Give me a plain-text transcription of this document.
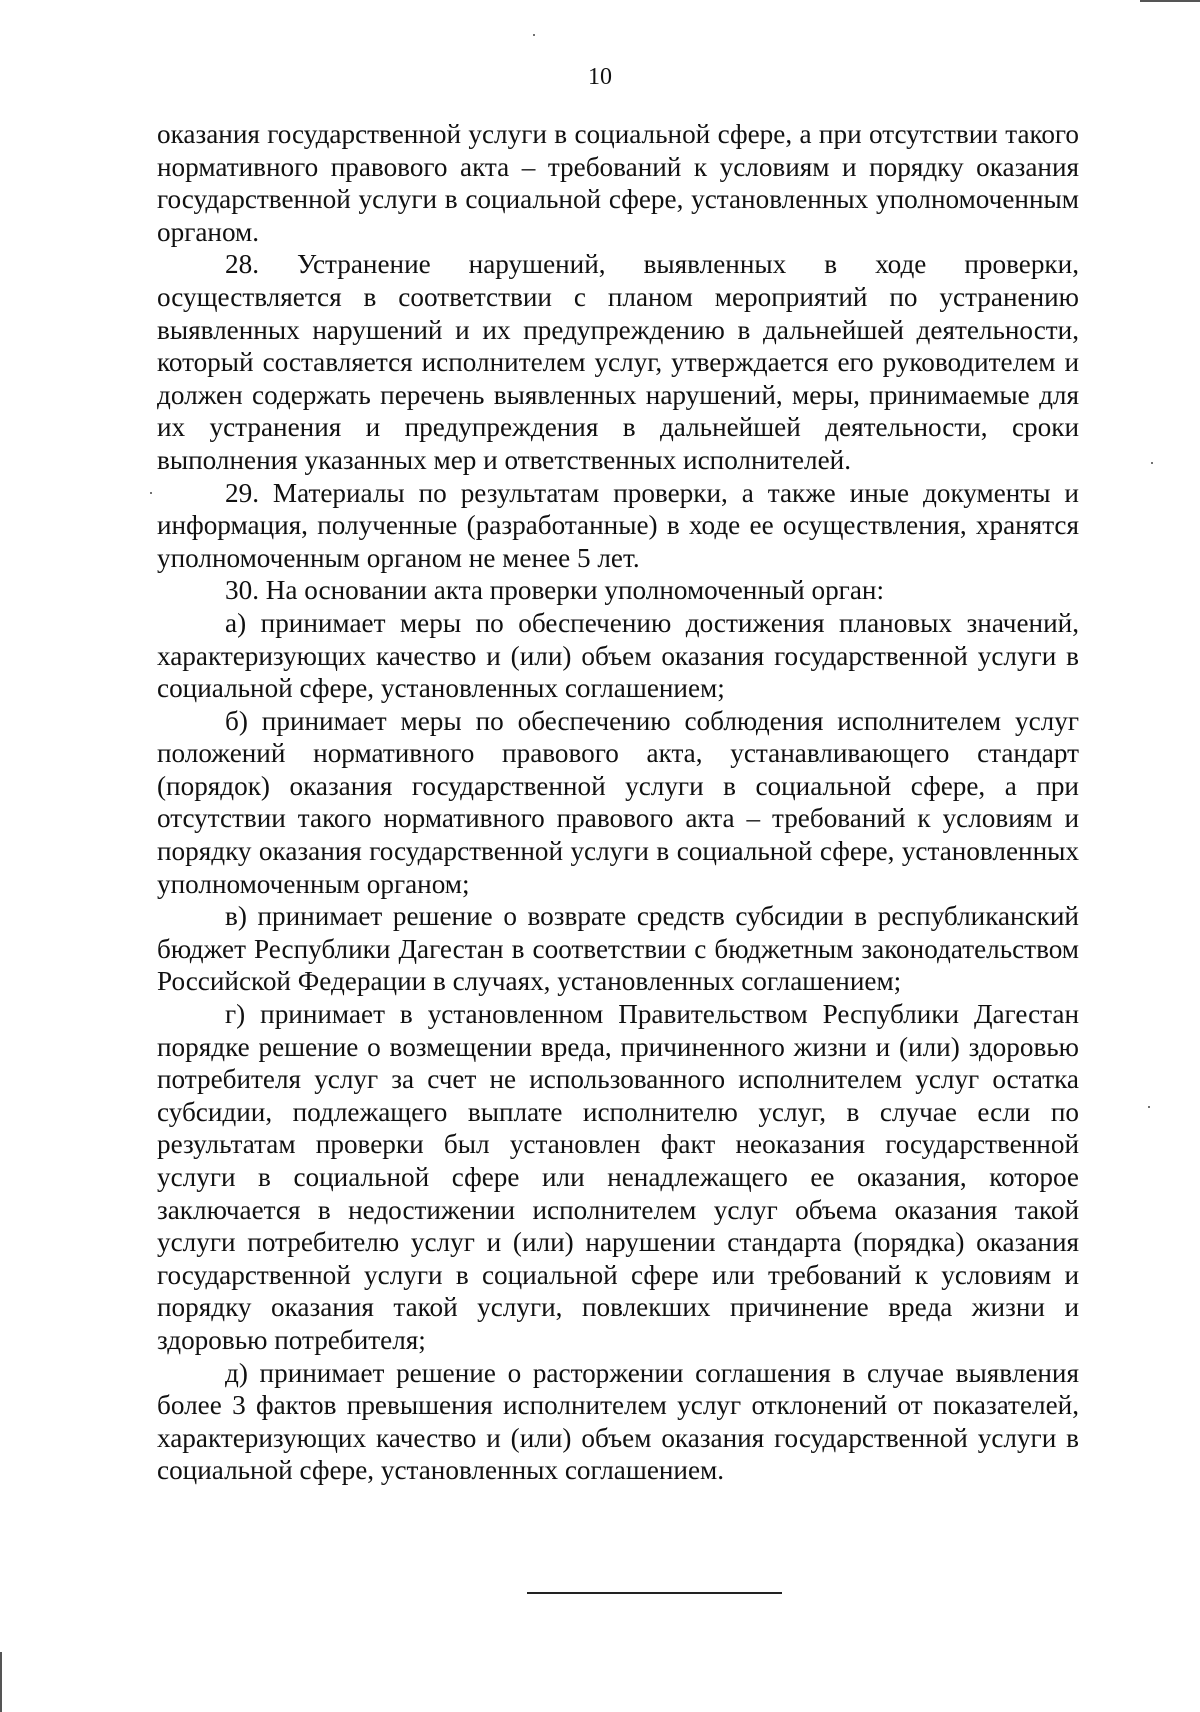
10

оказания государственной услуги в социальной сфере, а при отсутствии такого нормативного правового акта – требований к условиям и порядку оказания государственной услуги в социальной сфере, установленных уполномоченным органом.

28. Устранение нарушений, выявленных в ходе проверки, осуществляется в соответствии с планом мероприятий по устранению выявленных нарушений и их предупреждению в дальнейшей деятельности, который составляется исполнителем услуг, утверждается его руководителем и должен содержать перечень выявленных нарушений, меры, принимаемые для их устранения и предупреждения в дальнейшей деятельности, сроки выполнения указанных мер и ответственных исполнителей.

29. Материалы по результатам проверки, а также иные документы и информация, полученные (разработанные) в ходе ее осуществления, хранятся уполномоченным органом не менее 5 лет.

30. На основании акта проверки уполномоченный орган:

а) принимает меры по обеспечению достижения плановых значений, характеризующих качество и (или) объем оказания государственной услуги в социальной сфере, установленных соглашением;

б) принимает меры по обеспечению соблюдения исполнителем услуг положений нормативного правового акта, устанавливающего стандарт (порядок) оказания государственной услуги в социальной сфере, а при отсутствии такого нормативного правового акта – требований к условиям и порядку оказания государственной услуги в социальной сфере, установленных уполномоченным органом;

в) принимает решение о возврате средств субсидии в республиканский бюджет Республики Дагестан в соответствии с бюджетным законодательством Российской Федерации в случаях, установленных соглашением;

г) принимает в установленном Правительством Республики Дагестан порядке решение о возмещении вреда, причиненного жизни и (или) здоровью потребителя услуг за счет не использованного исполнителем услуг остатка субсидии, подлежащего выплате исполнителю услуг, в случае если по результатам проверки был установлен факт неоказания государственной услуги в социальной сфере или ненадлежащего ее оказания, которое заключается в недостижении исполнителем услуг объема оказания такой услуги потребителю услуг и (или) нарушении стандарта (порядка) оказания государственной услуги в социальной сфере или требований к условиям и порядку оказания такой услуги, повлекших причинение вреда жизни и здоровью потребителя;

д) принимает решение о расторжении соглашения в случае выявления более 3 фактов превышения исполнителем услуг отклонений от показателей, характеризующих качество и (или) объем оказания государственной услуги в социальной сфере, установленных соглашением.
